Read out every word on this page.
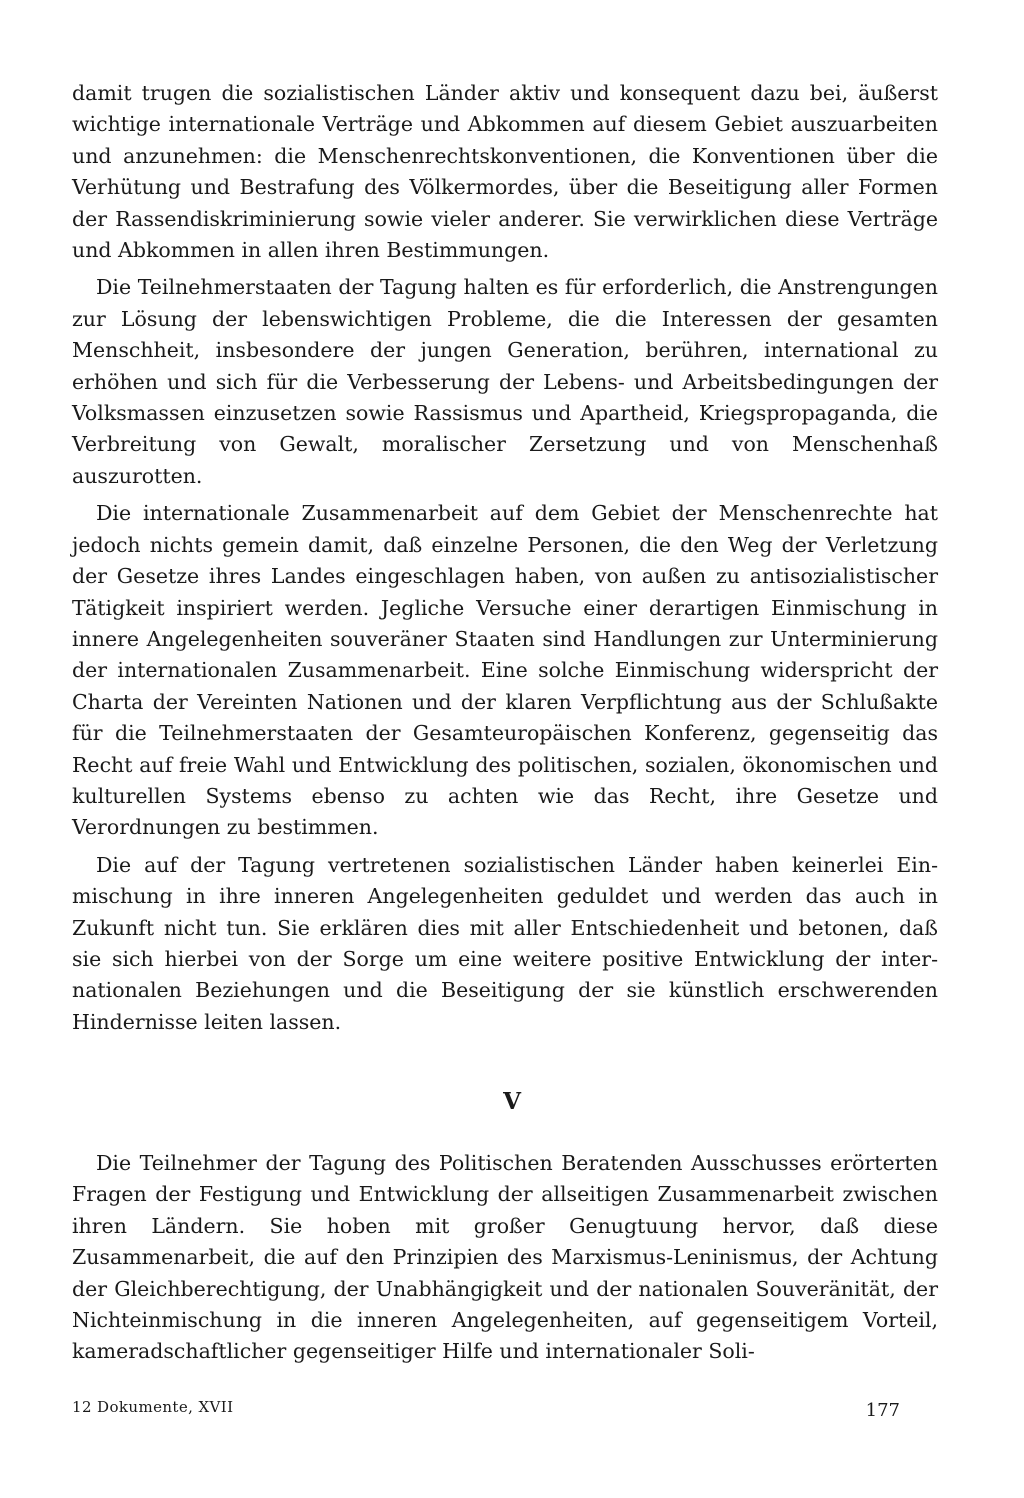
damit trugen die sozialistischen Länder aktiv und konsequent dazu bei, äußerst wichtige internationale Verträge und Abkommen auf diesem Gebiet auszuarbeiten und anzunehmen: die Menschenrechtskonventionen, die Konventionen über die Verhütung und Bestrafung des Völkermordes, über die Beseitigung aller Formen der Rassendiskriminierung sowie vieler anderer. Sie verwirklichen diese Verträge und Abkommen in allen ihren Bestimmungen.

Die Teilnehmerstaaten der Tagung halten es für erforderlich, die Anstrengungen zur Lösung der lebenswichtigen Probleme, die die Interessen der gesamten Menschheit, insbesondere der jungen Generation, berühren, international zu erhöhen und sich für die Verbesserung der Lebens- und Arbeitsbedingungen der Volksmassen einzusetzen sowie Rassismus und Apartheid, Kriegspropaganda, die Verbreitung von Gewalt, moralischer Zersetzung und von Menschenhaß auszurotten.

Die internationale Zusammenarbeit auf dem Gebiet der Menschenrechte hat jedoch nichts gemein damit, daß einzelne Personen, die den Weg der Verletzung der Gesetze ihres Landes eingeschlagen haben, von außen zu antisozialistischer Tätigkeit inspiriert werden. Jegliche Versuche einer derartigen Einmischung in innere Angelegenheiten souveräner Staaten sind Handlungen zur Unterminierung der internationalen Zusammenarbeit. Eine solche Einmischung widerspricht der Charta der Vereinten Nationen und der klaren Verpflichtung aus der Schlußakte für die Teilnehmerstaaten der Gesamteuropäischen Konferenz, gegenseitig das Recht auf freie Wahl und Entwicklung des politischen, sozialen, ökonomischen und kulturellen Systems ebenso zu achten wie das Recht, ihre Gesetze und Verordnungen zu bestimmen.

Die auf der Tagung vertretenen sozialistischen Länder haben keinerlei Einmischung in ihre inneren Angelegenheiten geduldet und werden das auch in Zukunft nicht tun. Sie erklären dies mit aller Entschiedenheit und betonen, daß sie sich hierbei von der Sorge um eine weitere positive Entwicklung der internationalen Beziehungen und die Beseitigung der sie künstlich erschwerenden Hindernisse leiten lassen.

V

Die Teilnehmer der Tagung des Politischen Beratenden Ausschusses erörterten Fragen der Festigung und Entwicklung der allseitigen Zusammenarbeit zwischen ihren Ländern. Sie hoben mit großer Genugtuung hervor, daß diese Zusammenarbeit, die auf den Prinzipien des Marxismus-Leninismus, der Achtung der Gleichberechtigung, der Unabhängigkeit und der nationalen Souveränität, der Nichteinmischung in die inneren Angelegenheiten, auf gegenseitigem Vorteil, kameradschaftlicher gegenseitiger Hilfe und internationaler Soli-

12 Dokumente, XVII	177
